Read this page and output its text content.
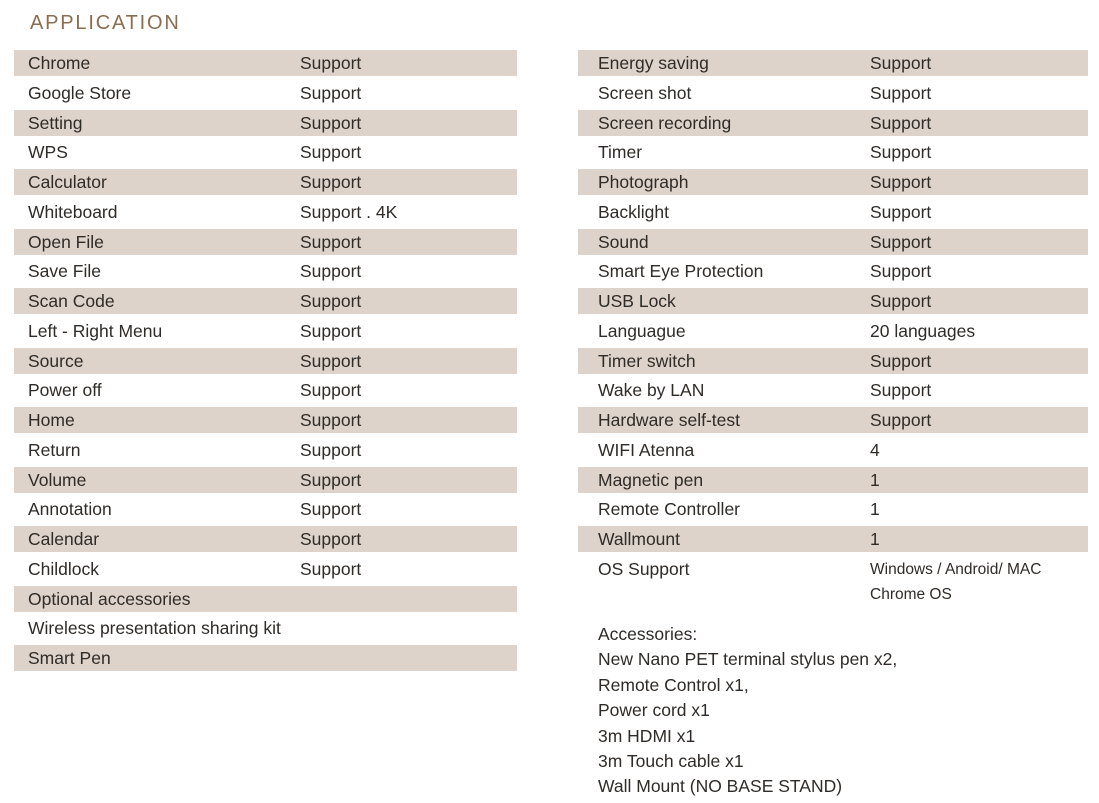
APPLICATION
Chrome	Support
Google Store	Support
Setting	Support
WPS	Support
Calculator	Support
Whiteboard	Support . 4K
Open File	Support
Save File	Support
Scan Code	Support
Left - Right Menu	Support
Source	Support
Power off	Support
Home	Support
Return	Support
Volume	Support
Annotation	Support
Calendar	Support
Childlock	Support
Optional accessories
Wireless presentation sharing kit
Smart Pen
Energy saving	Support
Screen shot	Support
Screen recording	Support
Timer	Support
Photograph	Support
Backlight	Support
Sound	Support
Smart Eye Protection	Support
USB Lock	Support
Languague	20 languages
Timer switch	Support
Wake by LAN	Support
Hardware self-test	Support
WIFI Atenna	4
Magnetic pen	1
Remote Controller	1
Wallmount	1
OS Support	Windows / Android/ MAC
Chrome OS
Accessories:
New Nano PET terminal stylus pen x2,
Remote Control x1,
Power cord x1
3m HDMI x1
3m Touch cable x1
Wall Mount (NO BASE STAND)
